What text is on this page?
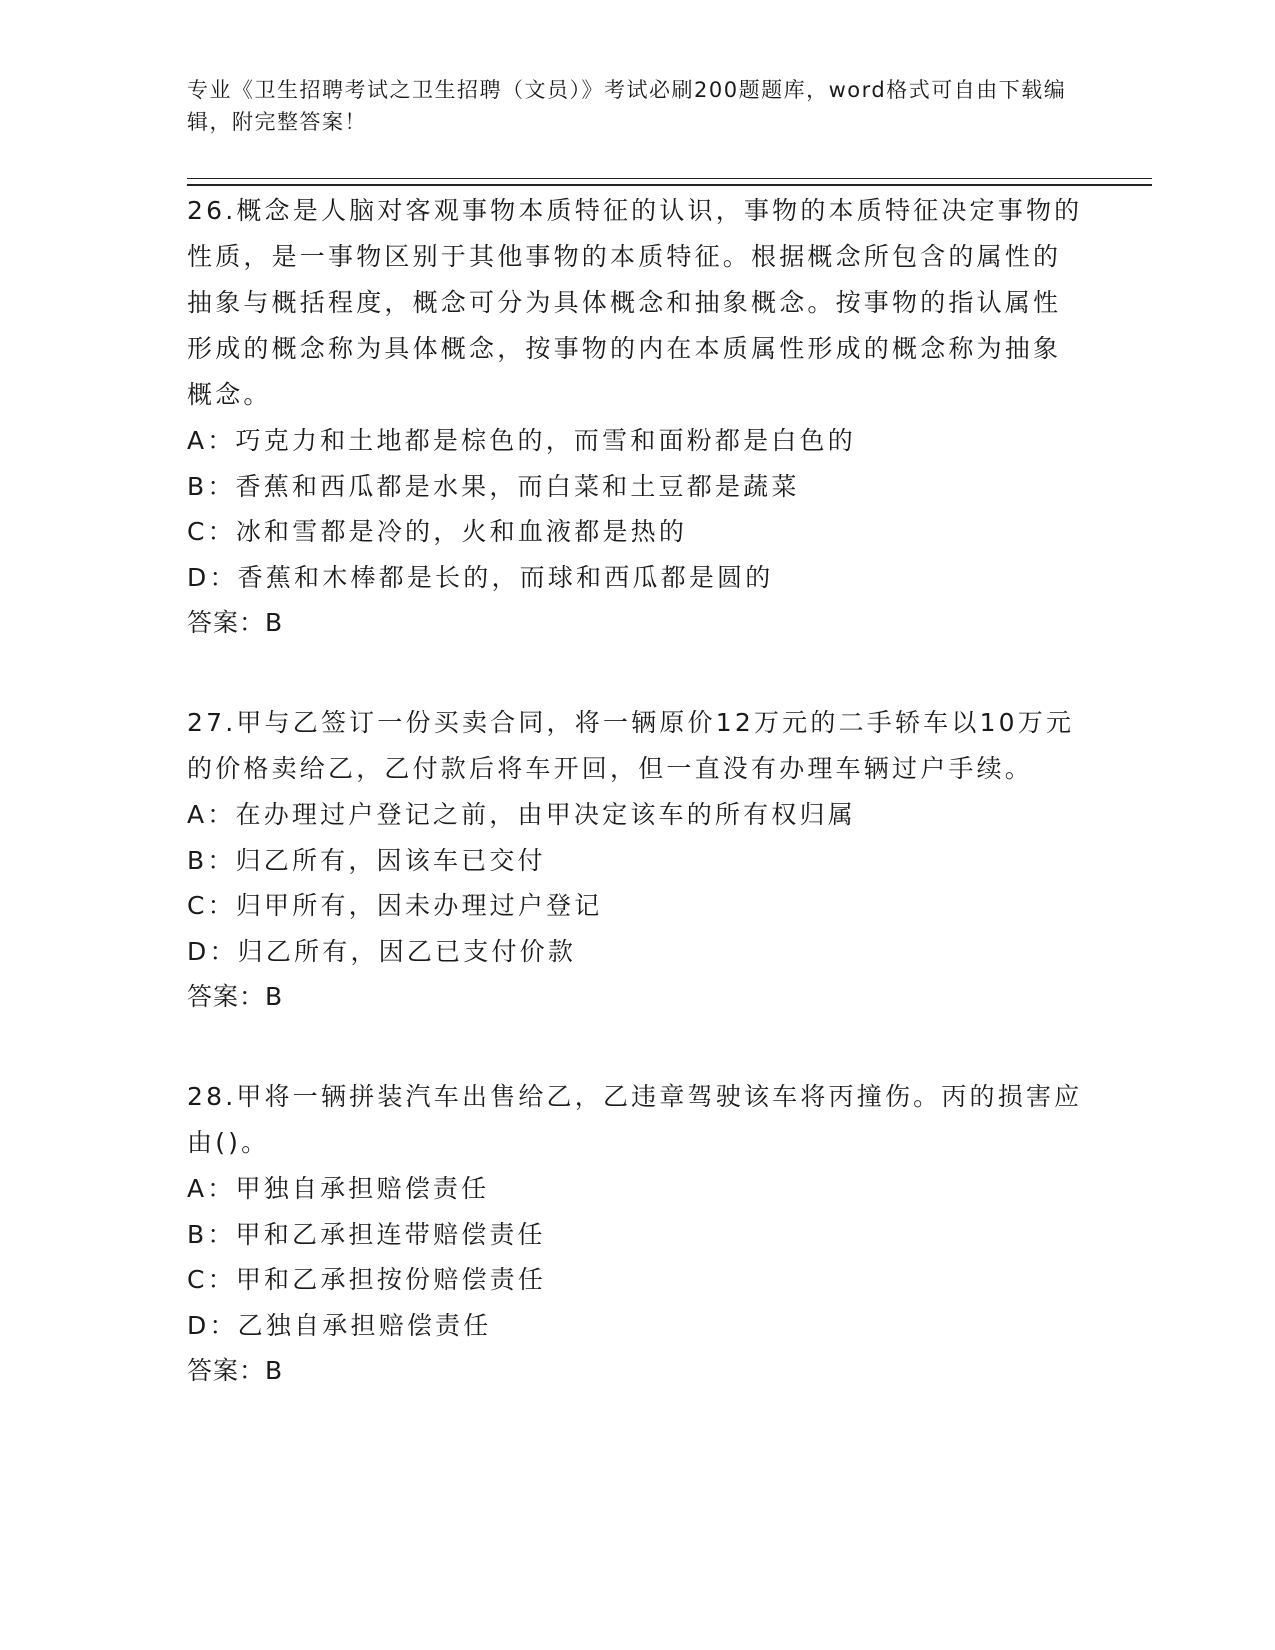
专业《卫生招聘考试之卫生招聘（文员）》考试必刷200题题库，word格式可自由下载编辑，附完整答案！

26.概念是人脑对客观事物本质特征的认识，事物的本质特征决定事物的性质，是一事物区别于其他事物的本质特征。根据概念所包含的属性的抽象与概括程度，概念可分为具体概念和抽象概念。按事物的指认属性形成的概念称为具体概念，按事物的内在本质属性形成的概念称为抽象概念。

A：巧克力和土地都是棕色的，而雪和面粉都是白色的

B：香蕉和西瓜都是水果，而白菜和土豆都是蔬菜

C：冰和雪都是冷的，火和血液都是热的

D：香蕉和木棒都是长的，而球和西瓜都是圆的

答案：B

27.甲与乙签订一份买卖合同，将一辆原价12万元的二手轿车以10万元的价格卖给乙，乙付款后将车开回，但一直没有办理车辆过户手续。

A：在办理过户登记之前，由甲决定该车的所有权归属

B：归乙所有，因该车已交付

C：归甲所有，因未办理过户登记

D：归乙所有，因乙已支付价款

答案：B

28.甲将一辆拼装汽车出售给乙，乙违章驾驶该车将丙撞伤。丙的损害应由()。

A：甲独自承担赔偿责任

B：甲和乙承担连带赔偿责任

C：甲和乙承担按份赔偿责任

D：乙独自承担赔偿责任

答案：B
